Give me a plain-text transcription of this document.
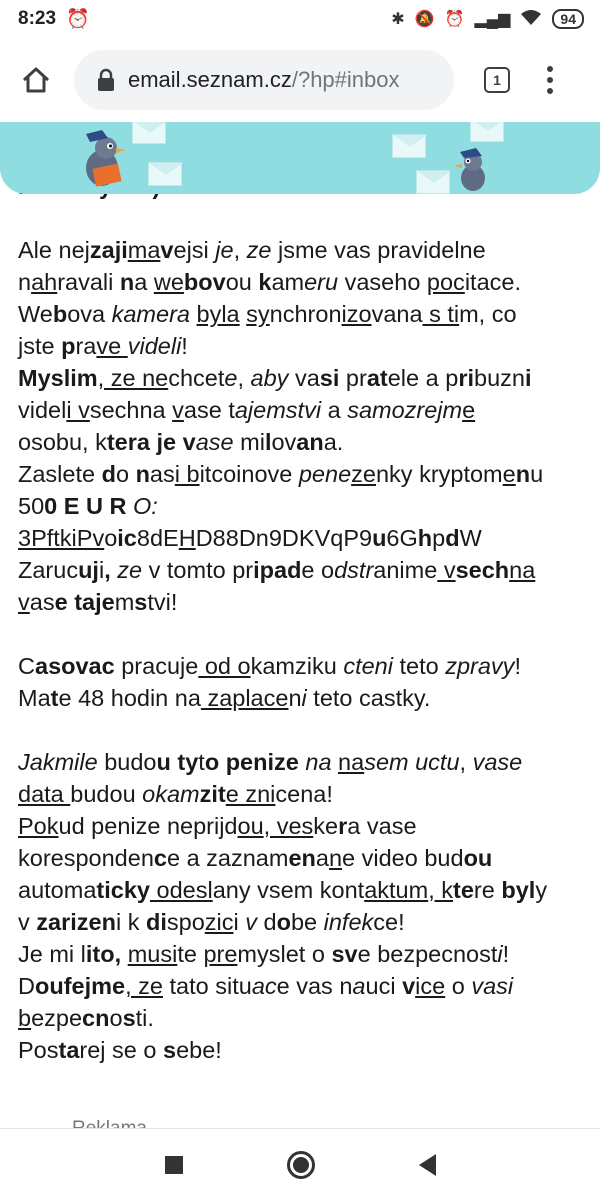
8:23 ⏰	✱ 🔕 ⏰ ▂▄▆	94
email.seznam.cz/?hp#inbox	1

Ale nejzajimavejsi je, ze jsme vas pravidelne

nahravali na webovou kameru vaseho pocitace.

Webova kamera byla synchronizovana s tim, co

jste prave videli!

Myslim, ze nechcete, aby vasi pratele a pribuzni

videli vsechna vase tajemstvi a samozrejme

osobu, ktera je vase milovana.

Zaslete do nasi bitcoinove penezenky kryptomenu

500 E U R O:

3PftkiPvoic8dEHD88Dn9DKVqP9u6GhpdW

Zarucuji, ze v tomto pripade odstranime vsechna

vase tajemstvi!

Casovac pracuje od okamziku cteni teto zpravy!

Mate 48 hodin na zaplaceni teto castky.

Jakmile budou tyto penize na nasem uctu, vase

data budou okamzite znicena!

Pokud penize neprijdou, veskera vase

korespondence a zaznamenane video budou

automaticky odeslany vsem kontaktum, ktere byly

v zarizeni k dispozici v dobe infekce!

Je mi lito, musite premyslet o sve bezpecnosti!

Doufejme, ze tato situace vas nauci vice o vasi

bezpecnosti.

Postarej se o sebe!
